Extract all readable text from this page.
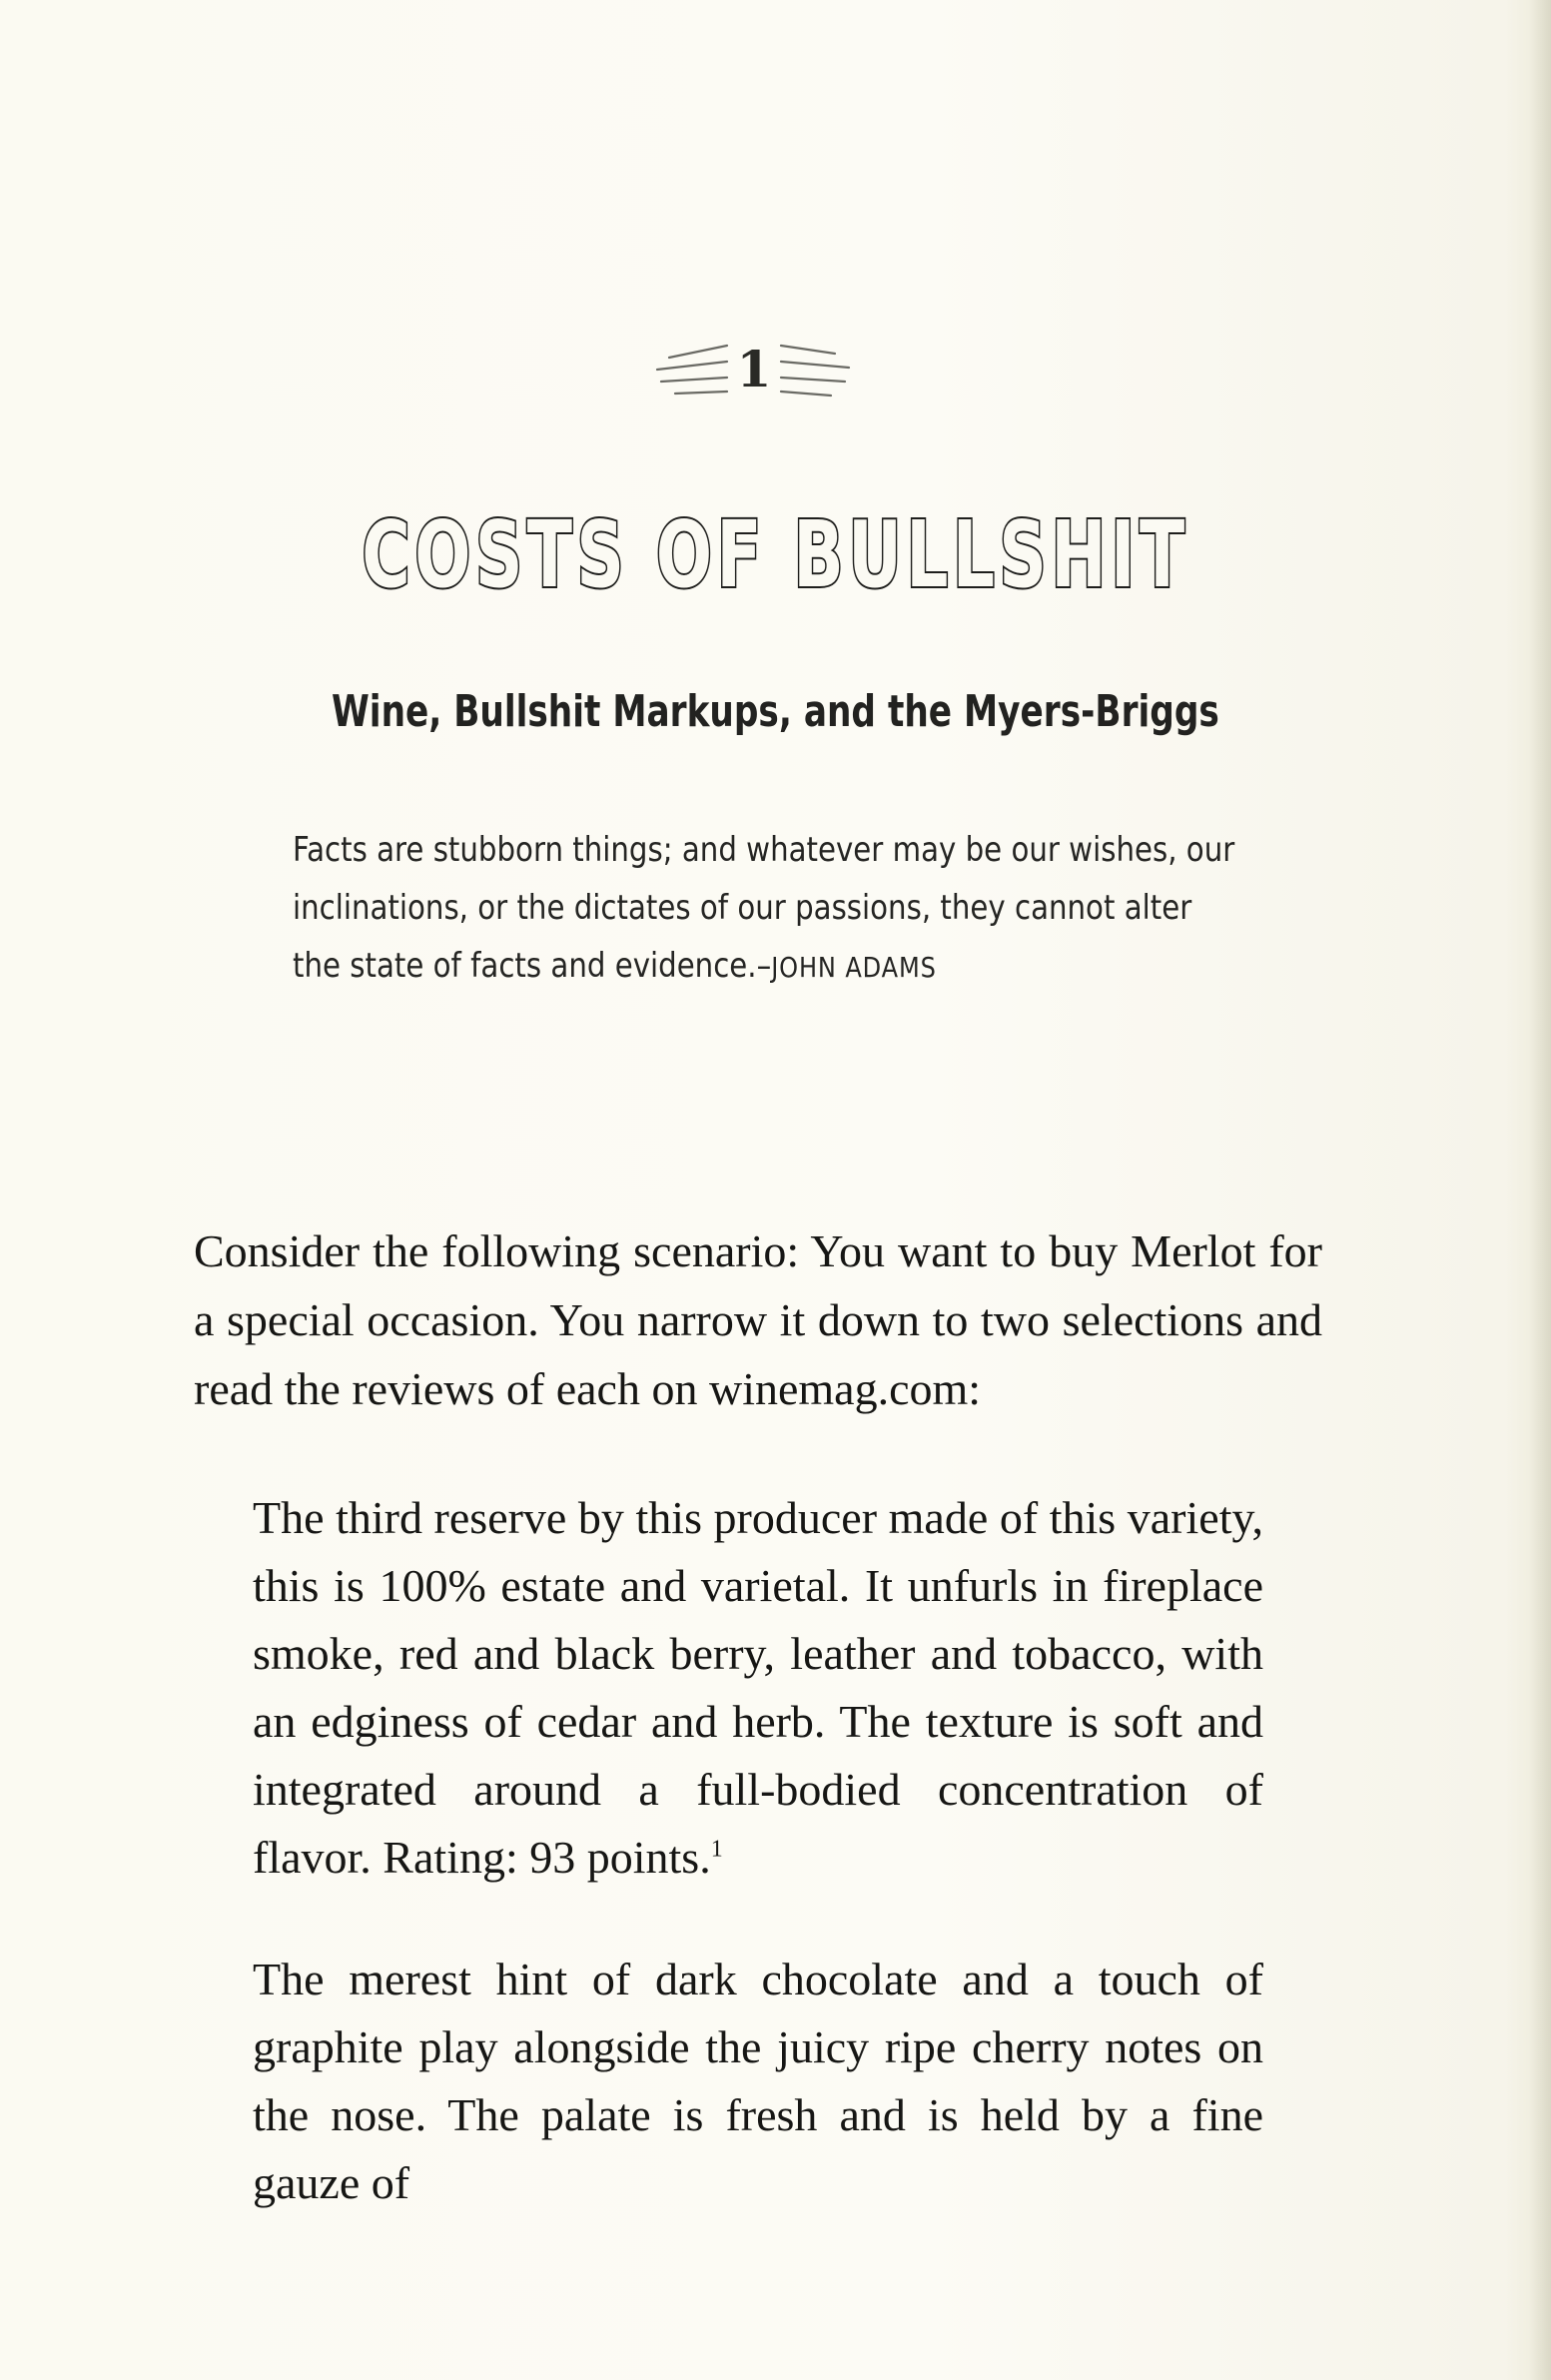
1
COSTS OF BULLSHIT
Wine, Bullshit Markups, and the Myers-Briggs
Facts are stubborn things; and whatever may be our wishes, our inclinations, or the dictates of our passions, they cannot alter the state of facts and evidence.–JOHN ADAMS

Consider the following scenario: You want to buy Merlot for a special occasion. You narrow it down to two selections and read the reviews of each on winemag.com:

The third reserve by this producer made of this variety, this is 100% estate and varietal. It unfurls in fireplace smoke, red and black berry, leather and tobacco, with an edginess of cedar and herb. The texture is soft and integrated around a full-bodied concentration of flavor. Rating: 93 points.$^1$

The merest hint of dark chocolate and a touch of graphite play alongside the juicy ripe cherry notes on the nose. The palate is fresh and is held by a fine gauze of
